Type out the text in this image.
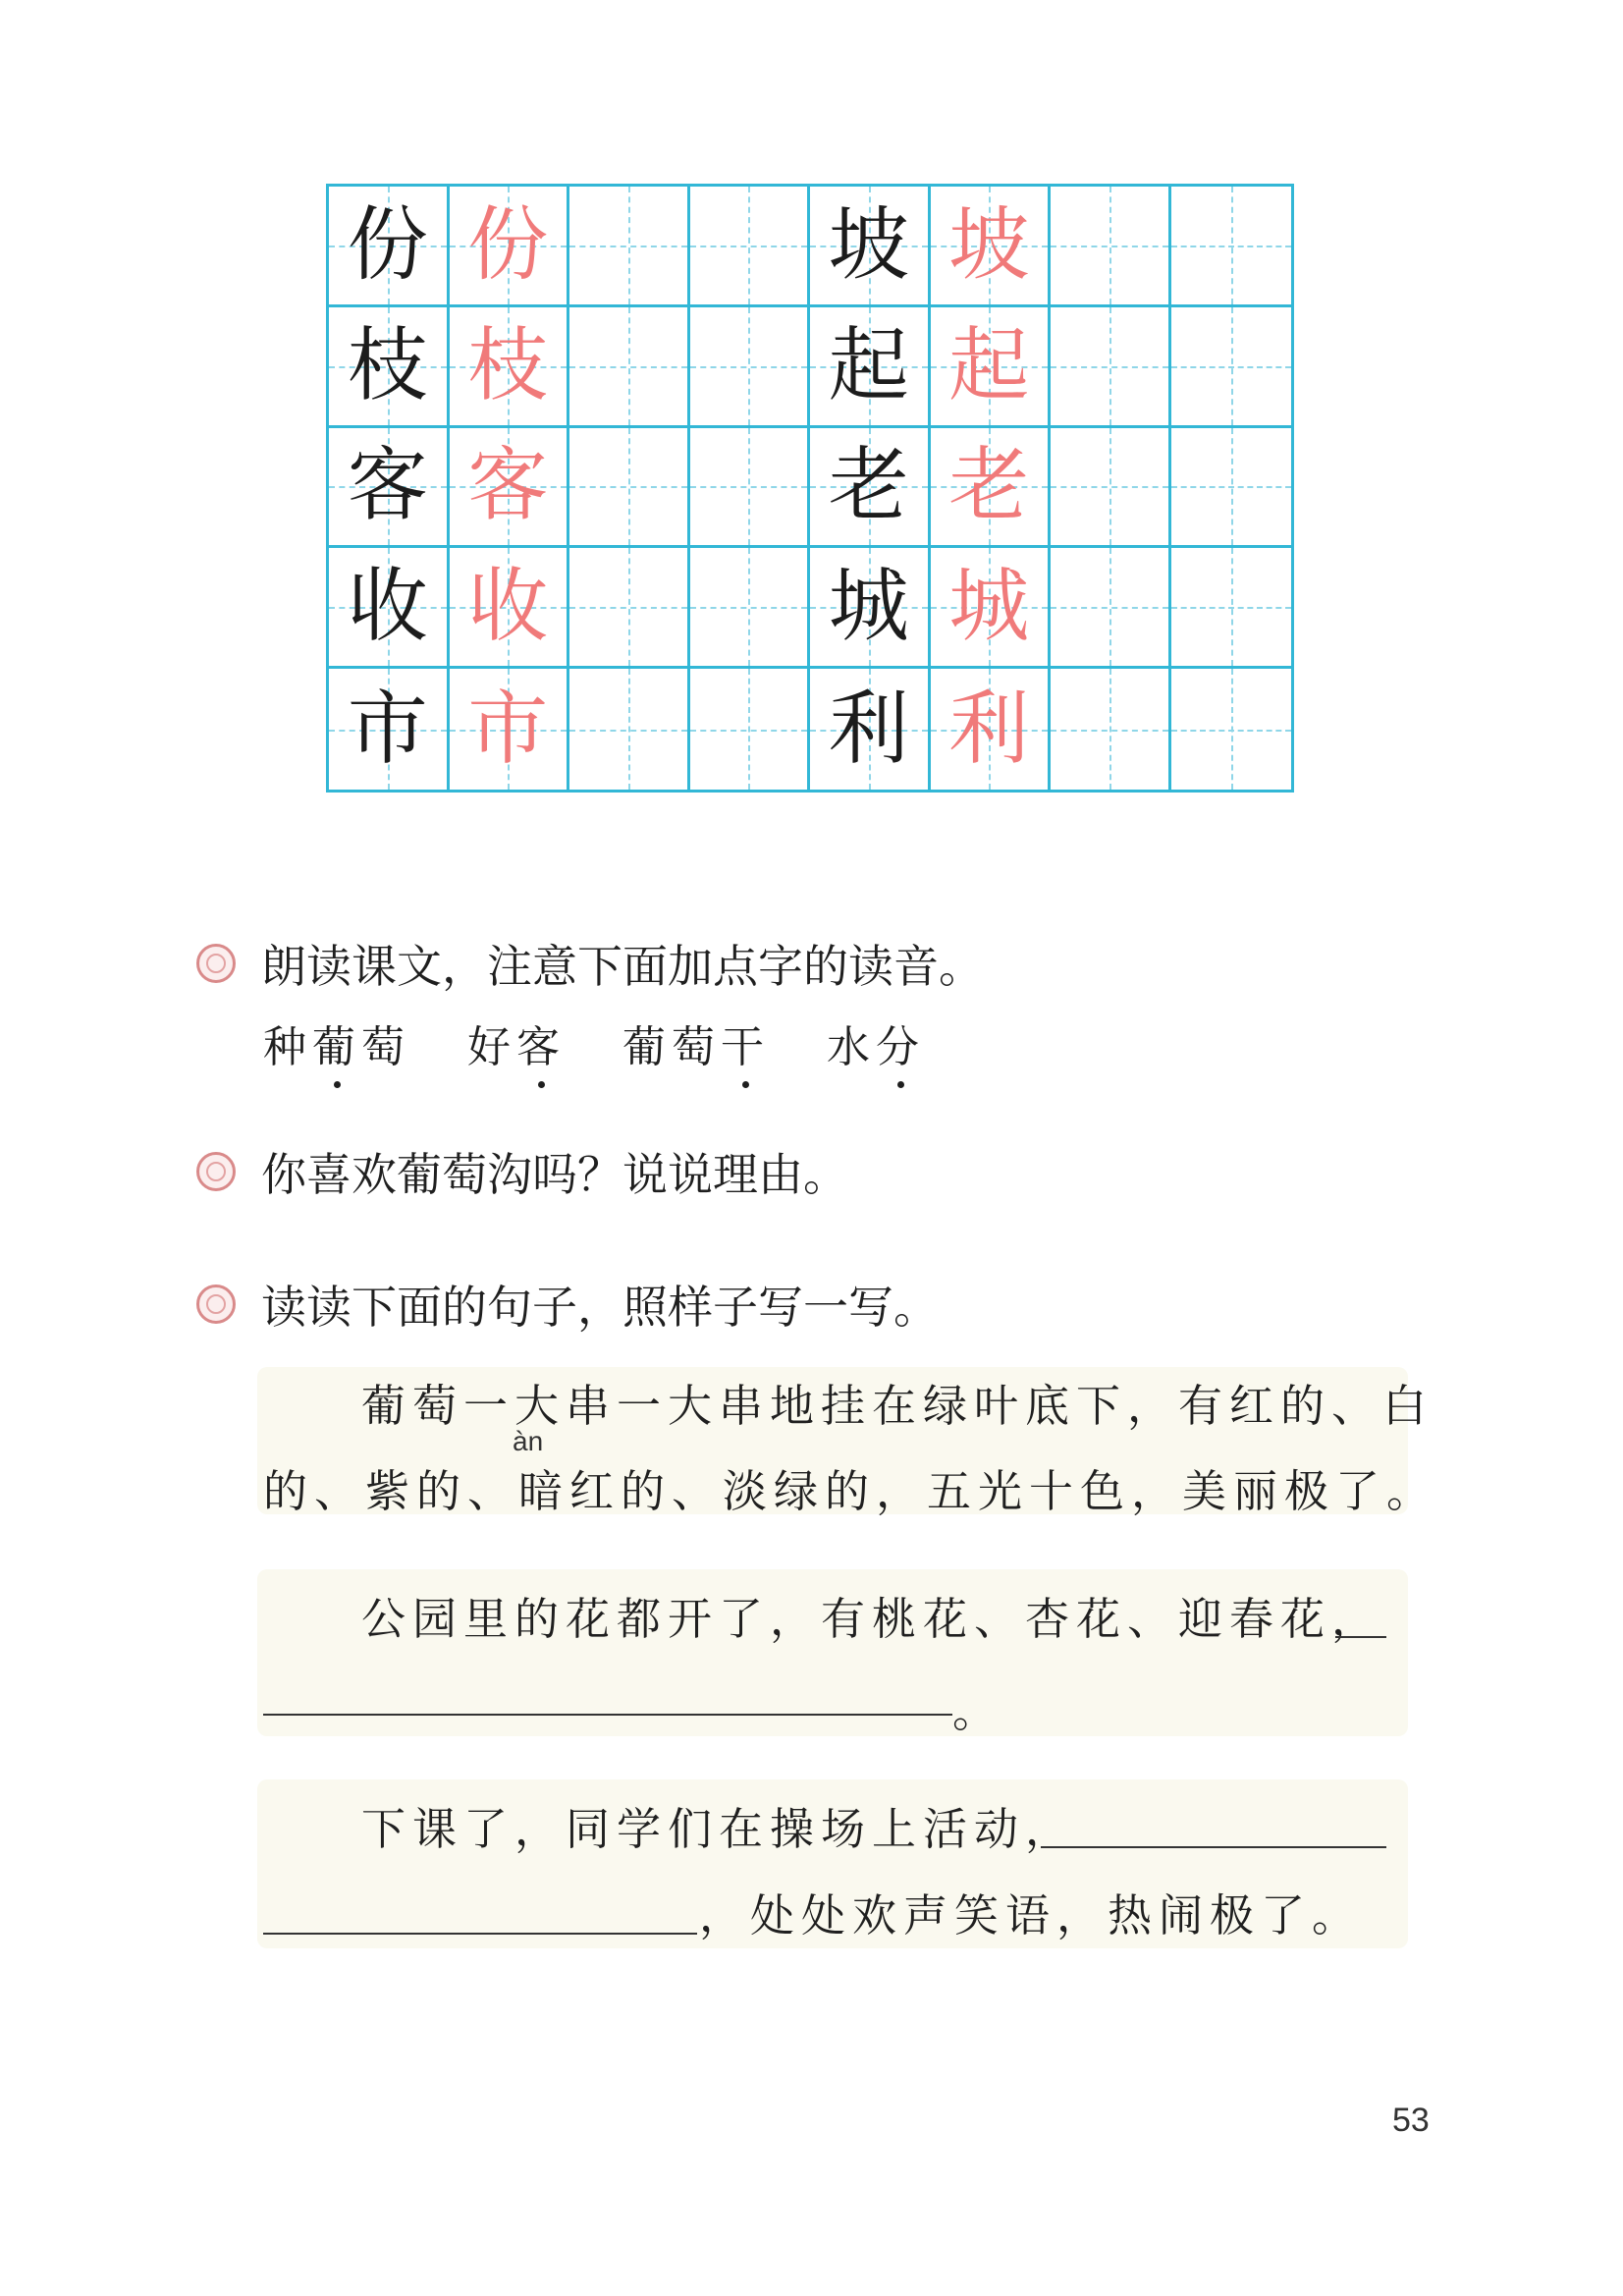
份 份	坡 坡
枝 枝	起 起
客 客	老 老
收 收	城 城
市 市	利 利
朗读课文，注意下面加点字的读音。
种葡萄 好客 葡萄干 水分
你喜欢葡萄沟吗？说说理由。
读读下面的句子，照样子写一写。
葡萄一大串一大串地挂在绿叶底下，有红的、白
àn
的、紫的、暗红的、淡绿的，五光十色，美丽极了。
公园里的花都开了，有桃花、杏花、迎春花，
。
下课了，同学们在操场上活动，
，处处欢声笑语，热闹极了。
53
